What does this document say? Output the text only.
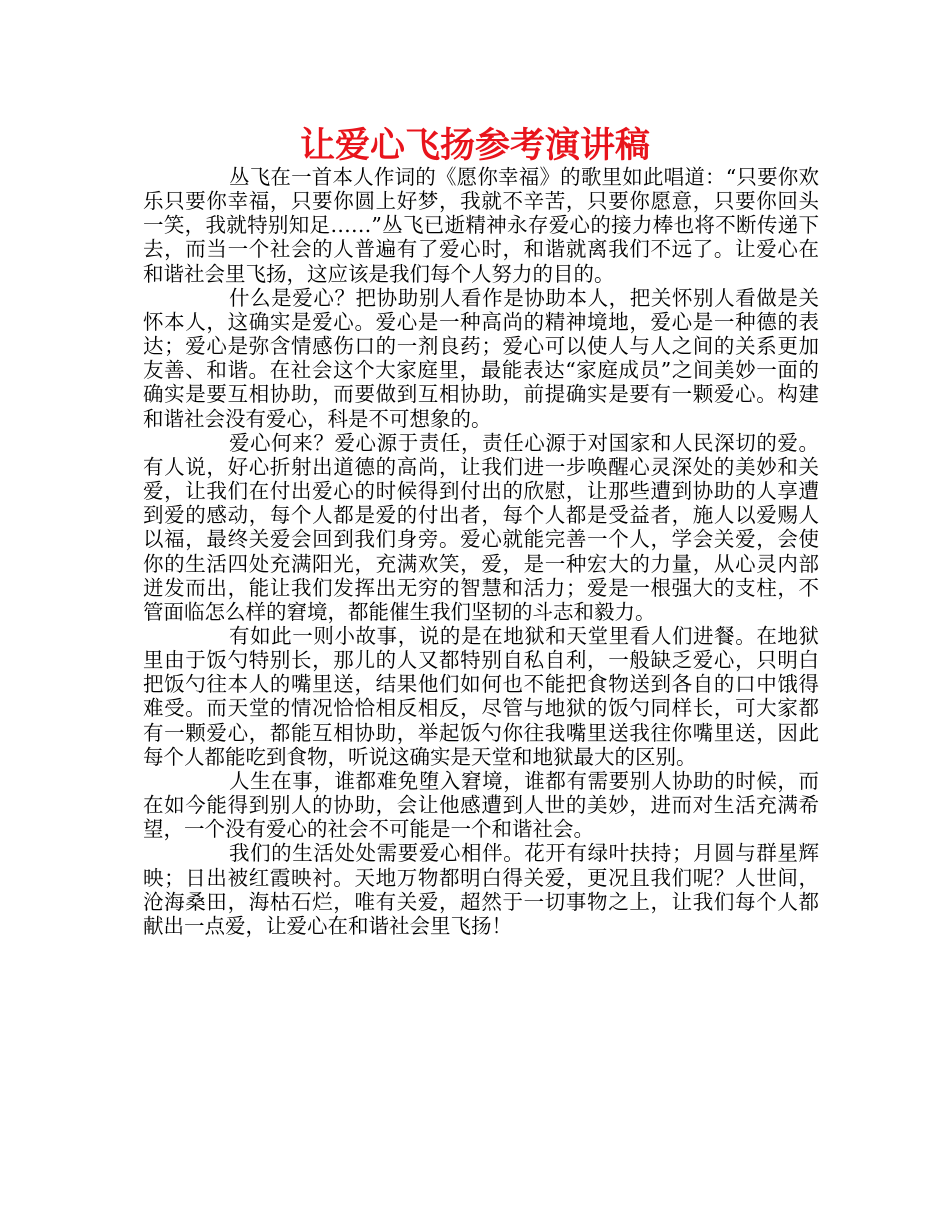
让爱心飞扬参考演讲稿

丛飞在一首本人作词的《愿你幸福》的歌里如此唱道：“只要你欢乐只要你幸福，只要你圆上好梦，我就不辛苦，只要你愿意，只要你回头一笑，我就特别知足……”丛飞已逝精神永存爱心的接力棒也将不断传递下去，而当一个社会的人普遍有了爱心时，和谐就离我们不远了。让爱心在和谐社会里飞扬，这应该是我们每个人努力的目的。

什么是爱心？把协助别人看作是协助本人，把关怀别人看做是关怀本人，这确实是爱心。爱心是一种高尚的精神境地，爱心是一种德的表达；爱心是弥含情感伤口的一剂良药；爱心可以使人与人之间的关系更加友善、和谐。在社会这个大家庭里，最能表达“家庭成员”之间美妙一面的确实是要互相协助，而要做到互相协助，前提确实是要有一颗爱心。构建和谐社会没有爱心，科是不可想象的。

爱心何来？爱心源于责任，责任心源于对国家和人民深切的爱。有人说，好心折射出道德的高尚，让我们进一步唤醒心灵深处的美妙和关爱，让我们在付出爱心的时候得到付出的欣慰，让那些遭到协助的人享遭到爱的感动，每个人都是爱的付出者，每个人都是受益者，施人以爱赐人以福，最终关爱会回到我们身旁。爱心就能完善一个人，学会关爱，会使你的生活四处充满阳光，充满欢笑，爱，是一种宏大的力量，从心灵内部迸发而出，能让我们发挥出无穷的智慧和活力；爱是一根强大的支柱，不管面临怎么样的窘境，都能催生我们坚韧的斗志和毅力。

有如此一则小故事，说的是在地狱和天堂里看人们进餐。在地狱里由于饭勺特别长，那儿的人又都特别自私自利，一般缺乏爱心，只明白把饭勺往本人的嘴里送，结果他们如何也不能把食物送到各自的口中饿得难受。而天堂的情况恰恰相反相反，尽管与地狱的饭勺同样长，可大家都有一颗爱心，都能互相协助，举起饭勺你往我嘴里送我往你嘴里送，因此每个人都能吃到食物，听说这确实是天堂和地狱最大的区别。

人生在事，谁都难免堕入窘境，谁都有需要别人协助的时候，而在如今能得到别人的协助，会让他感遭到人世的美妙，进而对生活充满希望，一个没有爱心的社会不可能是一个和谐社会。

我们的生活处处需要爱心相伴。花开有绿叶扶持；月圆与群星辉映；日出被红霞映衬。天地万物都明白得关爱，更况且我们呢？人世间，沧海桑田，海枯石烂，唯有关爱，超然于一切事物之上，让我们每个人都献出一点爱，让爱心在和谐社会里飞扬！
